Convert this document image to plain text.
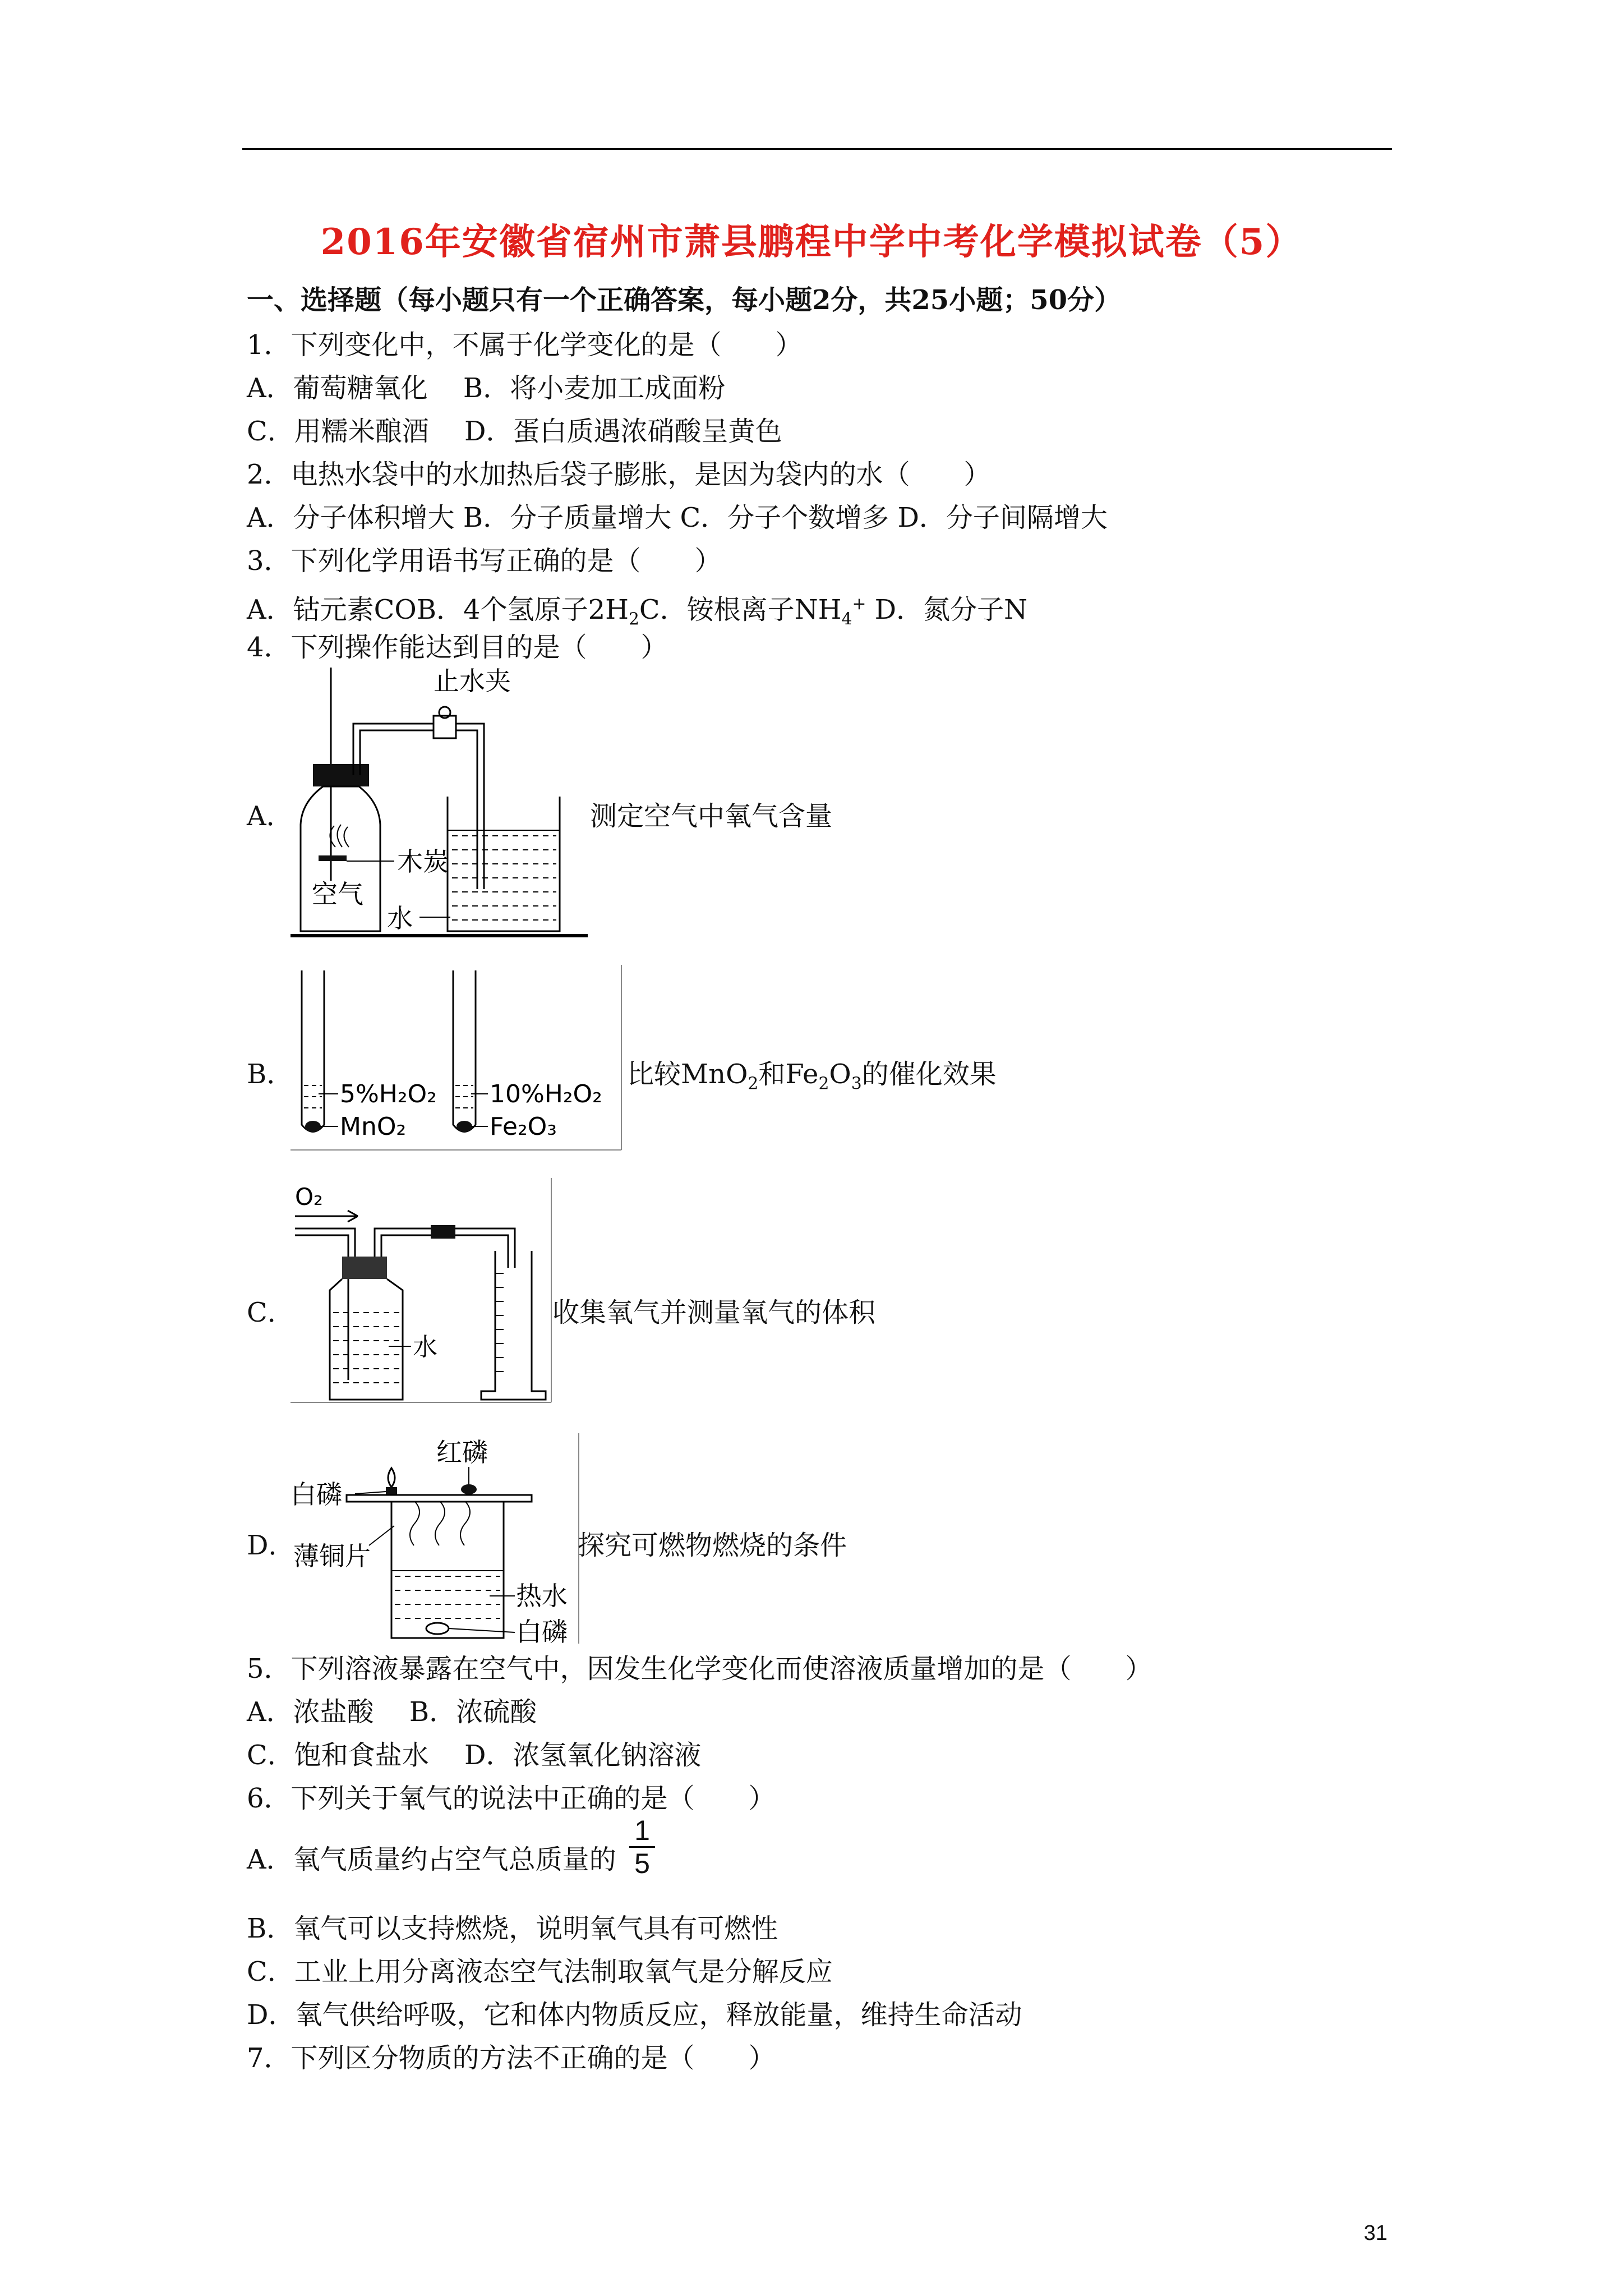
2016年安徽省宿州市萧县鹏程中学中考化学模拟试卷（5）
一、选择题（每小题只有一个正确答案，每小题2分，共25小题；50分）
1．下列变化中，不属于化学变化的是（　　）
A．葡萄糖氧化　 B．将小麦加工成面粉
C．用糯米酿酒　 D．蛋白质遇浓硝酸呈黄色
2．电热水袋中的水加热后袋子膨胀，是因为袋内的水（　　）
A．分子体积增大 B．分子质量增大 C．分子个数增多 D．分子间隔增大
3．下列化学用语书写正确的是（　　）
A．钴元素COB．4个氢原子$2H_2C$．铵根离子$NH_4^+$ D．氮分子N
4．下列操作能达到目的是（　　）
A．
止水夹
木炭
空气
水
测定空气中氧气含量
B．
5%H₂O₂
MnO₂
10%H₂O₂
Fe₂O₃
比较MnO$_2$和$Fe_2O_3$的催化效果
C．
O₂
水
收集氧气并测量氧气的体积
D．
红磷
白磷
薄铜片
热水
白磷
探究可燃物燃烧的条件
5．下列溶液暴露在空气中，因发生化学变化而使溶液质量增加的是（　　）
A．浓盐酸　 B．浓硫酸
C．饱和食盐水　 D．浓氢氧化钠溶液
6．下列关于氧气的说法中正确的是（　　）
A．氧气质量约占空气总质量的
1
5
B．氧气可以支持燃烧，说明氧气具有可燃性
C．工业上用分离液态空气法制取氧气是分解反应
D．氧气供给呼吸，它和体内物质反应，释放能量，维持生命活动
7．下列区分物质的方法不正确的是（　　）
31
